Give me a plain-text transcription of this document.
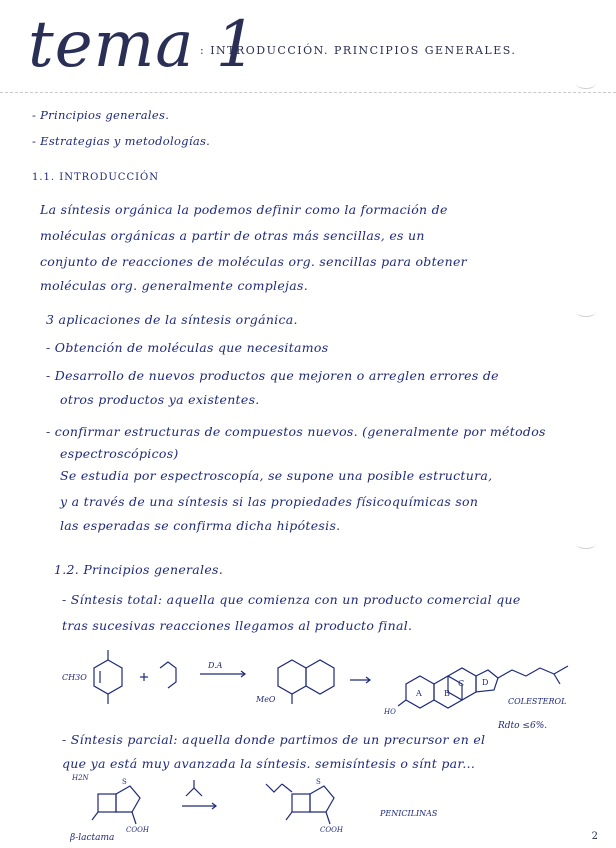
tema 1
: INTRODUCCIÓN. PRINCIPIOS GENERALES.
- Principios generales.
- Estrategias y metodologías.
1.1. INTRODUCCIÓN
La síntesis orgánica la podemos definir como la formación de
moléculas orgánicas a partir de otras más sencillas, es un
conjunto de reacciones de moléculas org. sencillas para obtener
moléculas org. generalmente complejas.
3 aplicaciones de la síntesis orgánica.
- Obtención de moléculas que necesitamos
- Desarrollo de nuevos productos que mejoren o arreglen errores de
otros productos ya existentes.
- confirmar estructuras de compuestos nuevos. (generalmente por métodos
espectroscópicos)
Se estudia por espectroscopía, se supone una posible estructura,
y a través de una síntesis si las propiedades físicoquímicas son
las esperadas se confirma dicha hipótesis.
1.2. Principios generales.
- Síntesis total: aquella que comienza con un producto comercial que
tras sucesivas reacciones llegamos al producto final.
CH3O
D.A
MeO
HO
A	B
C D
COLESTEROL
Rdto ≤6%.
- Síntesis parcial: aquella donde partimos de un precursor en el
que ya está muy avanzada la síntesis. semisíntesis o sínt par...
H2N	S
COOH
β-lactama
S
COOH
PENICILINAS
2
